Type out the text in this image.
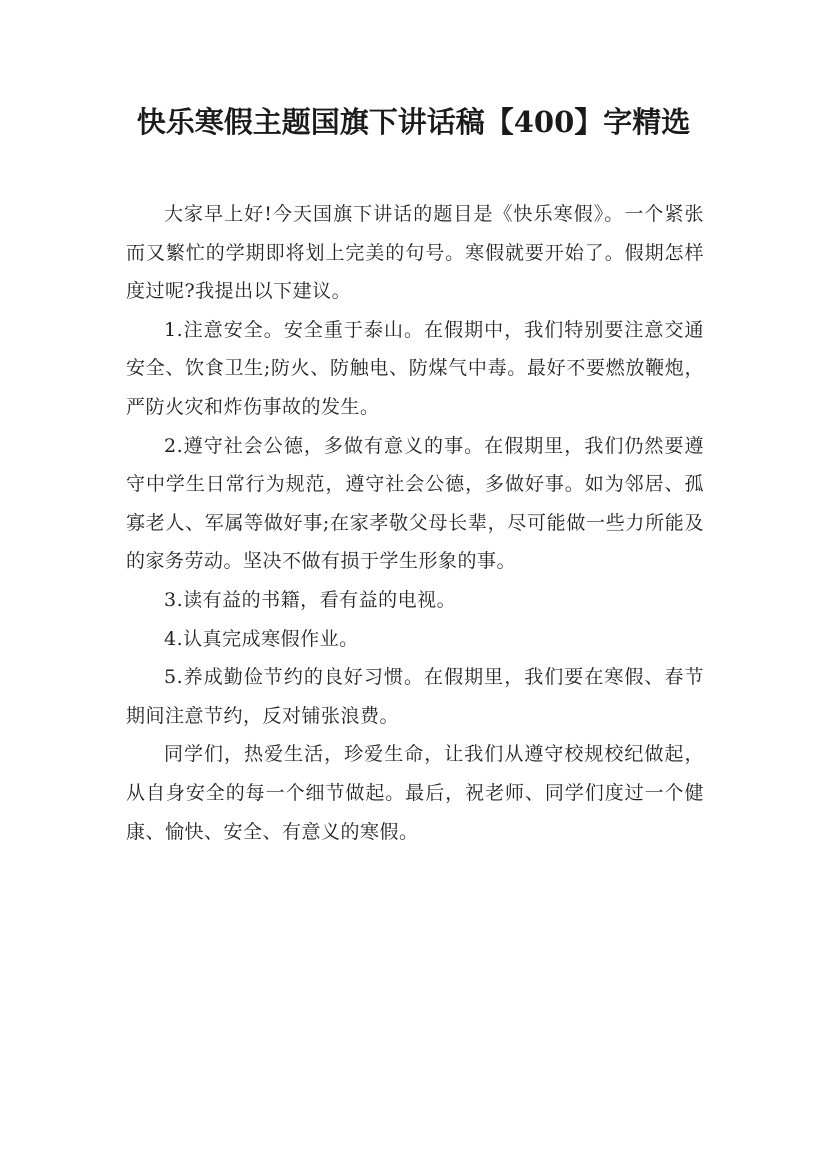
快乐寒假主题国旗下讲话稿【400】字精选

大家早上好!今天国旗下讲话的题目是《快乐寒假》。一个紧张而又繁忙的学期即将划上完美的句号。寒假就要开始了。假期怎样度过呢?我提出以下建议。

1.注意安全。安全重于泰山。在假期中，我们特别要注意交通安全、饮食卫生;防火、防触电、防煤气中毒。最好不要燃放鞭炮，严防火灾和炸伤事故的发生。

2.遵守社会公德，多做有意义的事。在假期里，我们仍然要遵守中学生日常行为规范，遵守社会公德，多做好事。如为邻居、孤寡老人、军属等做好事;在家孝敬父母长辈，尽可能做一些力所能及的家务劳动。坚决不做有损于学生形象的事。

3.读有益的书籍，看有益的电视。

4.认真完成寒假作业。

5.养成勤俭节约的良好习惯。在假期里，我们要在寒假、春节期间注意节约，反对铺张浪费。

同学们，热爱生活，珍爱生命，让我们从遵守校规校纪做起，从自身安全的每一个细节做起。最后，祝老师、同学们度过一个健康、愉快、安全、有意义的寒假。
